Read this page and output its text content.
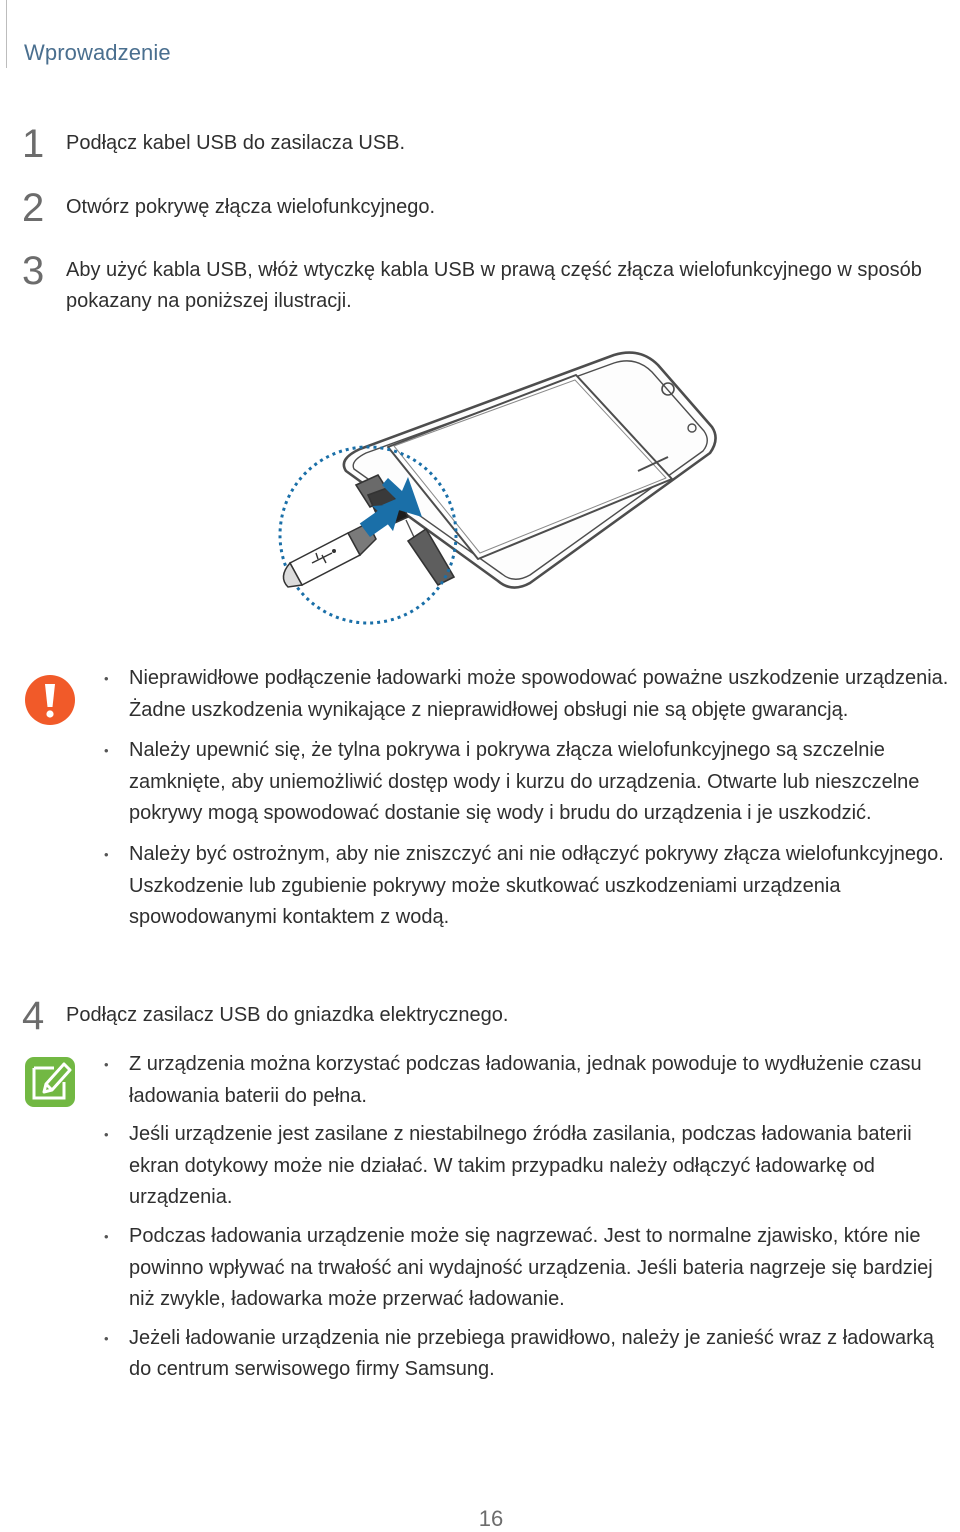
Wprowadzenie
1 Podłącz kabel USB do zasilacza USB.
2 Otwórz pokrywę złącza wielofunkcyjnego.
3 Aby użyć kabla USB, włóż wtyczkę kabla USB w prawą część złącza wielofunkcyjnego w sposób pokazany na poniższej ilustracji.
• Nieprawidłowe podłączenie ładowarki może spowodować poważne uszkodzenie urządzenia. Żadne uszkodzenia wynikające z nieprawidłowej obsługi nie są objęte gwarancją.
• Należy upewnić się, że tylna pokrywa i pokrywa złącza wielofunkcyjnego są szczelnie zamknięte, aby uniemożliwić dostęp wody i kurzu do urządzenia. Otwarte lub nieszczelne pokrywy mogą spowodować dostanie się wody i brudu do urządzenia i je uszkodzić.
• Należy być ostrożnym, aby nie zniszczyć ani nie odłączyć pokrywy złącza wielofunkcyjnego. Uszkodzenie lub zgubienie pokrywy może skutkować uszkodzeniami urządzenia spowodowanymi kontaktem z wodą.
4 Podłącz zasilacz USB do gniazdka elektrycznego.
• Z urządzenia można korzystać podczas ładowania, jednak powoduje to wydłużenie czasu ładowania baterii do pełna.
• Jeśli urządzenie jest zasilane z niestabilnego źródła zasilania, podczas ładowania baterii ekran dotykowy może nie działać. W takim przypadku należy odłączyć ładowarkę od urządzenia.
• Podczas ładowania urządzenie może się nagrzewać. Jest to normalne zjawisko, które nie powinno wpływać na trwałość ani wydajność urządzenia. Jeśli bateria nagrzeje się bardziej niż zwykle, ładowarka może przerwać ładowanie.
• Jeżeli ładowanie urządzenia nie przebiega prawidłowo, należy je zanieść wraz z ładowarką do centrum serwisowego firmy Samsung.
16
